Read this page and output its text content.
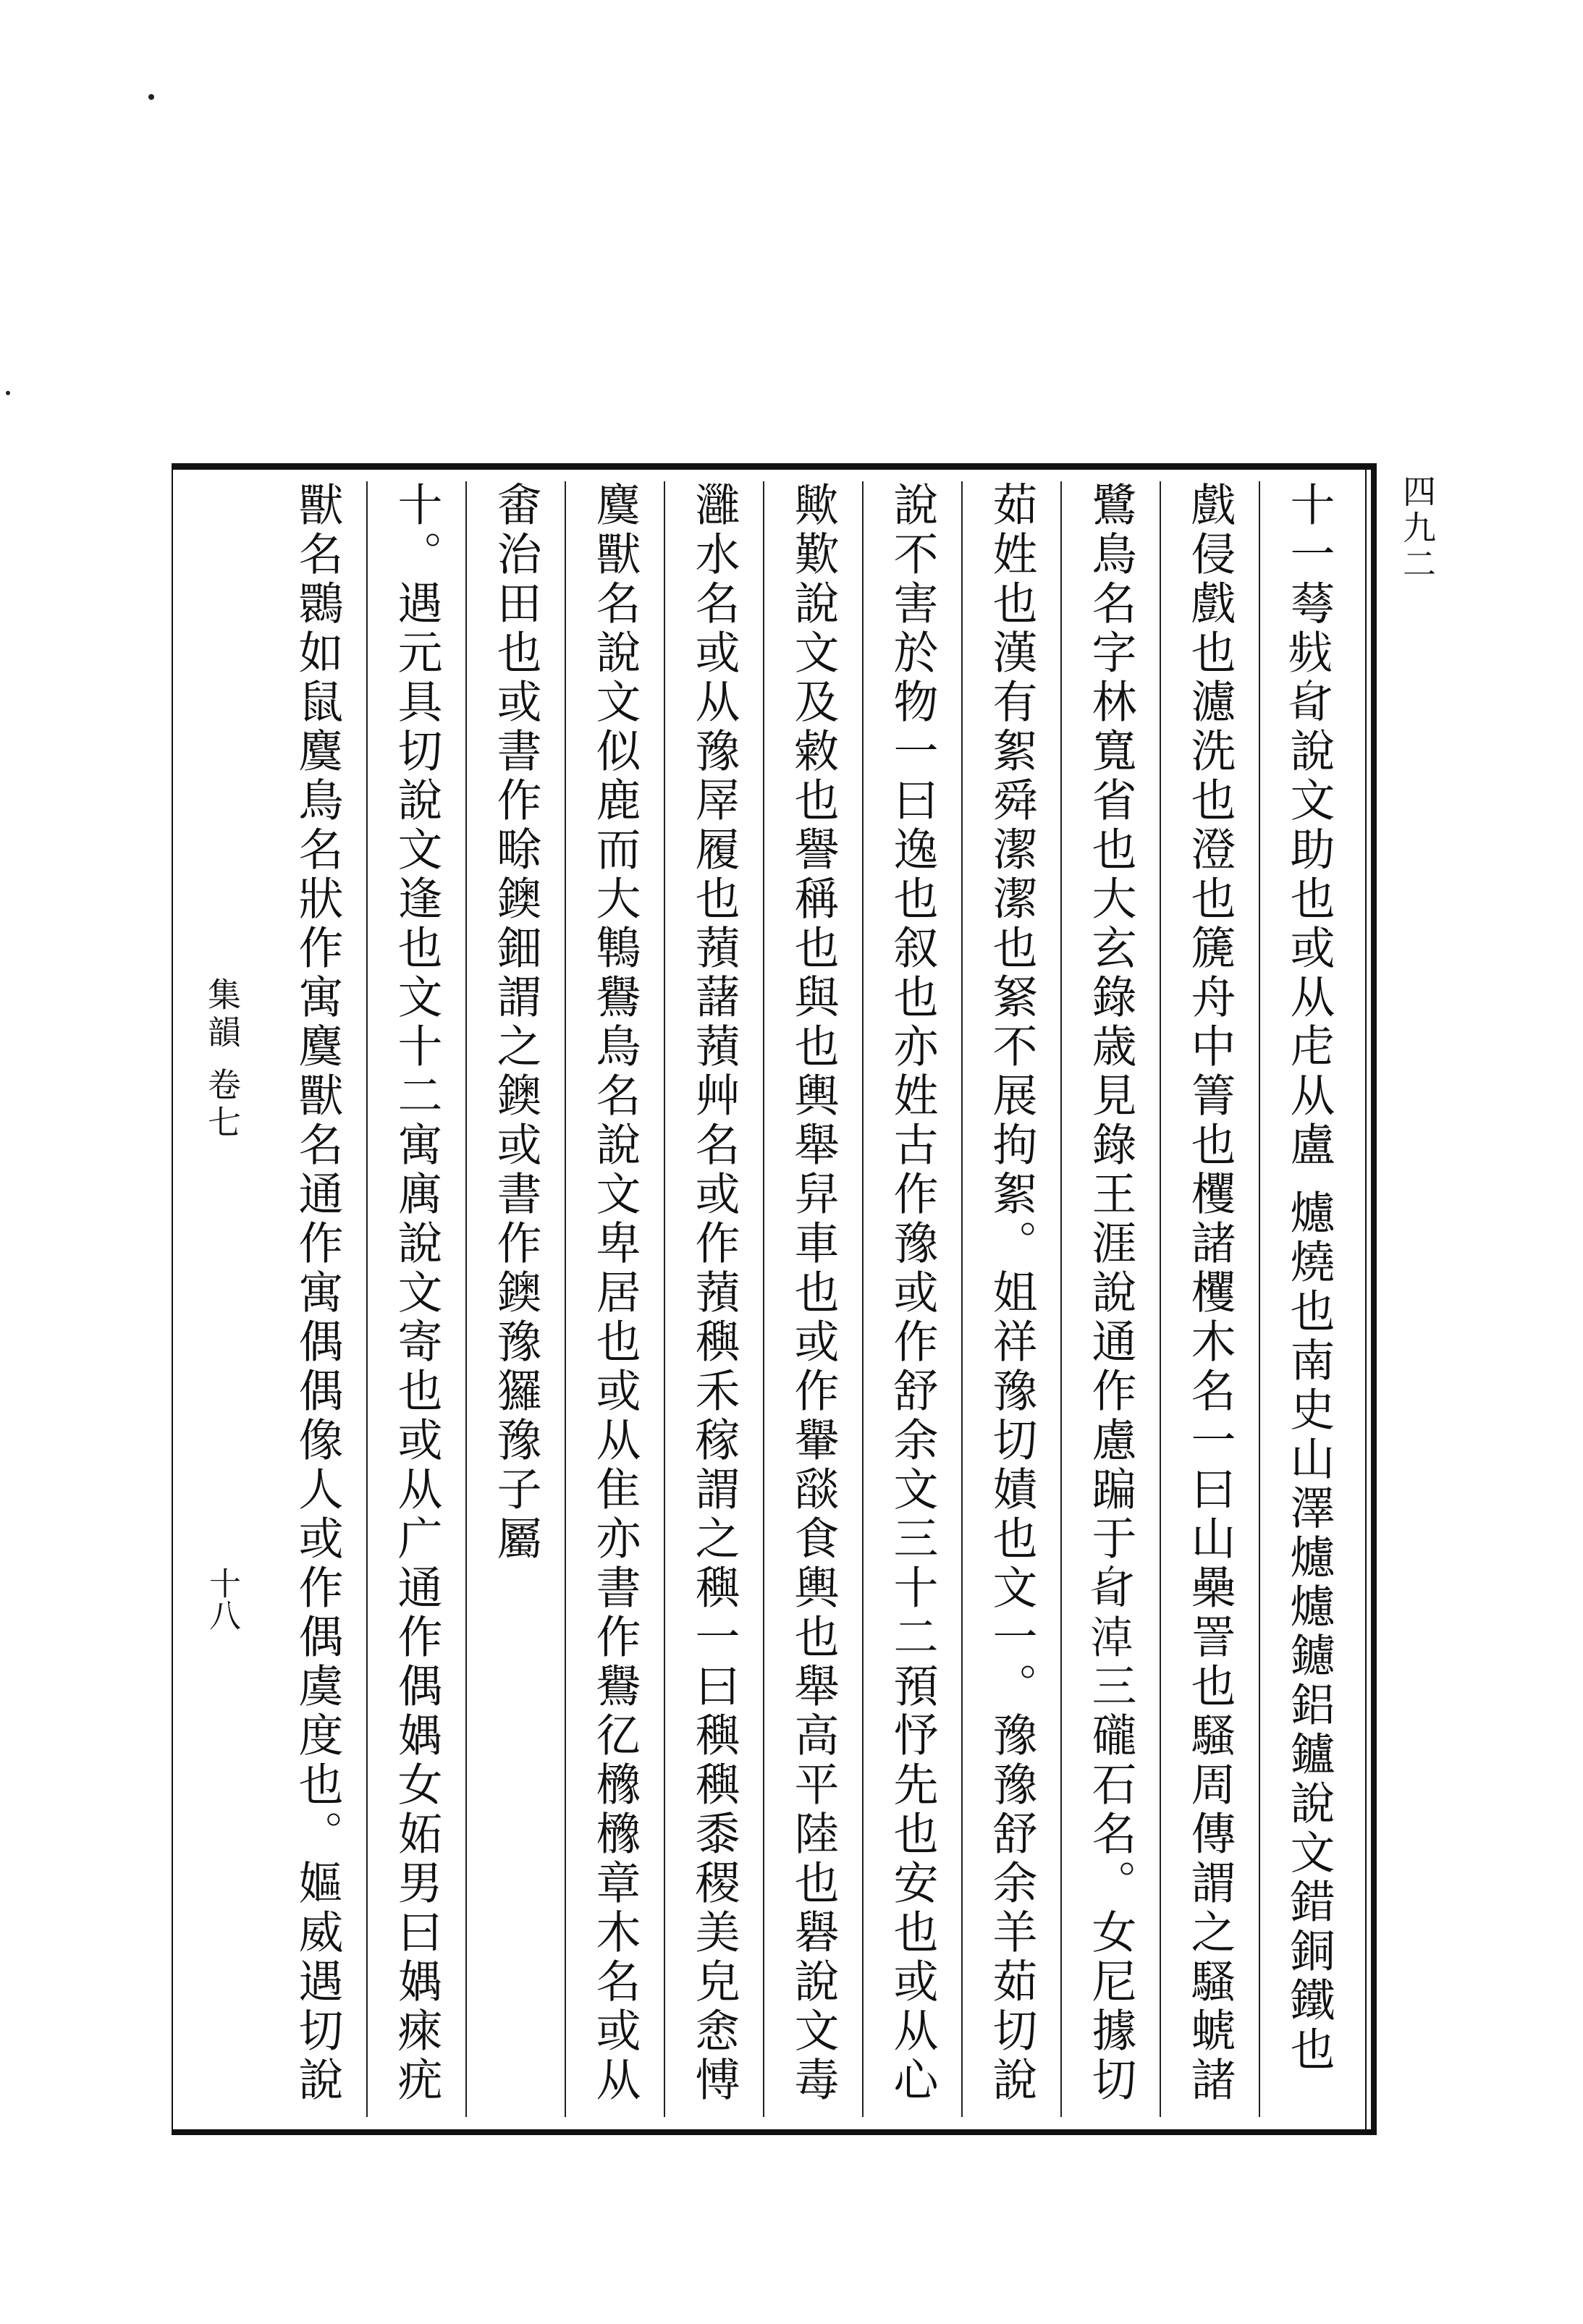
四九二
十一䔢𢧁𣅞說文助也或从虍从盧 爈燒也南史山澤爈爈鑢鋁鑪說文錯銅鐵也
戲侵戲也濾洗也澄也篪舟中箐也欔諸欔木名一曰山櫐詈也騷周傳謂之騷䗂諸
鷺鳥名字林寬省也大玄錄歳見錄王涯說通作慮蹁于𣅞𣶃三礲石名。女尼據切
茹姓也漢有絮舜潔潔也䋈不展拘絮。姐祥豫切嫧也文一。豫豫舒余羊茹切說
說不害於物一曰逸也叙也亦姓古作豫或作舒余文三十二預忬先也安也或从心
歟歎說文及敹也譽稱也與也輿舉舁車也或作轝𦦨食輿也舉高平陸也礜說文毒
灉水名或从豫屖履也蕷藷蕷艸名或作蕷穥禾稼謂之穥一曰穥穥黍稷美皃悆愽
麌獸名說文似鹿而大鶽鸒鳥名說文卑居也或从隹亦書作鸒𢒼櫲櫲章木名或从
畬治田也或書作畭鐭鈿謂之鐭或書作鐭豫玀豫子屬
十。遇元具切說文逢也文十二寓庽說文寄也或从广通作偶媀女妬男曰媀㾢疣
獸名䴉如鼠麌鳥名狀作寓麌獸名通作寓偶偶像人或作偶虞度也。嫗威遇切說
集韻 卷七
十八
